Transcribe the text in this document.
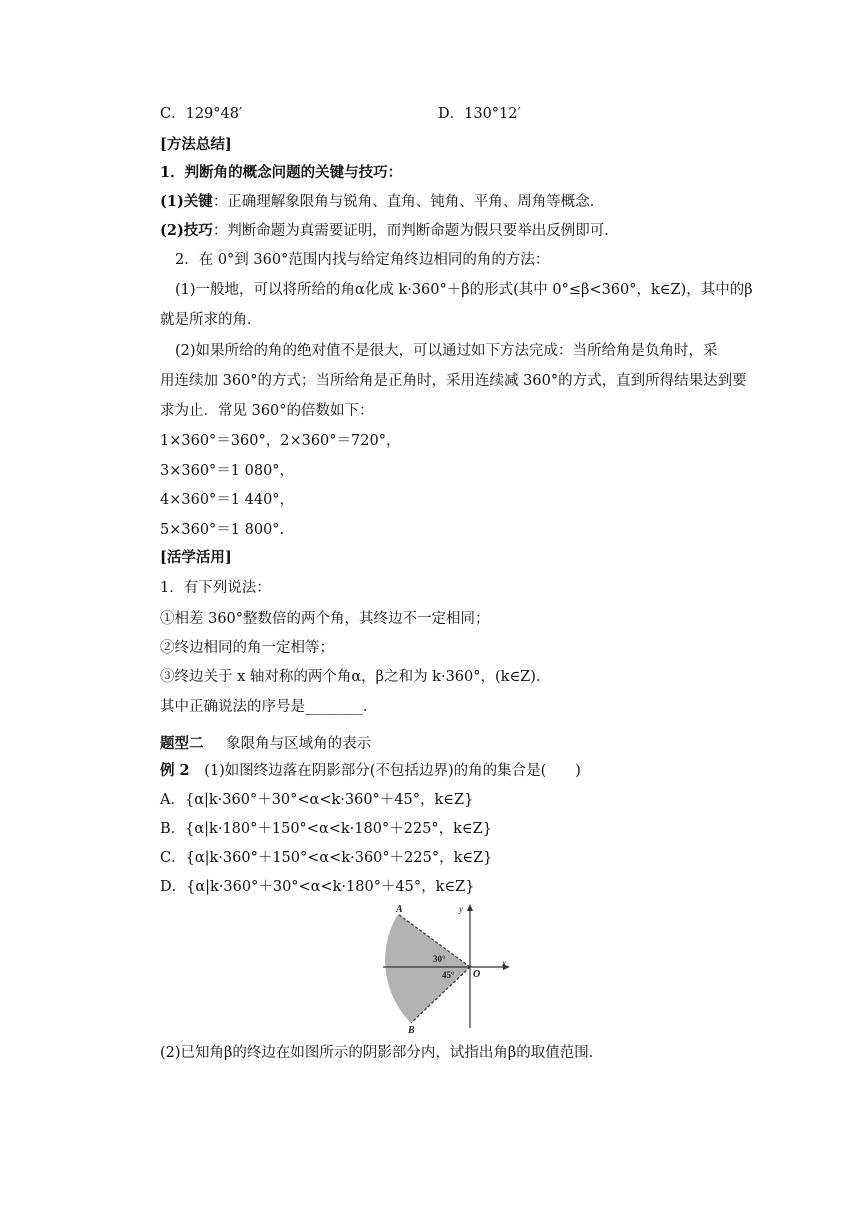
C．129°48′	D．130°12′
[方法总结]
1．判断角的概念问题的关键与技巧：
(1)关键：正确理解象限角与锐角、直角、钝角、平角、周角等概念．
(2)技巧：判断命题为真需要证明，而判断命题为假只要举出反例即可．
2．在 0°到 360°范围内找与给定角终边相同的角的方法：
(1)一般地，可以将所给的角α化成 k·360°＋β的形式(其中 0°≤β<360°，k∈Z)，其中的β
就是所求的角．
(2)如果所给的角的绝对值不是很大，可以通过如下方法完成：当所给角是负角时，采
用连续加 360°的方式；当所给角是正角时，采用连续减 360°的方式，直到所得结果达到要
求为止．常见 360°的倍数如下：
1×360°＝360°，2×360°＝720°，
3×360°＝1 080°，
4×360°＝1 440°，
5×360°＝1 800°.
[活学活用]
1．有下列说法：
①相差 360°整数倍的两个角，其终边不一定相同；
②终边相同的角一定相等；
③终边关于 x 轴对称的两个角α，β之和为 k·360°，(k∈Z)．
其中正确说法的序号是________．
题型二 象限角与区域角的表示
例 2 (1)如图终边落在阴影部分(不包括边界)的角的集合是(　　)
A．{α|k·360°＋30°<α<k·360°＋45°，k∈Z}
B．{α|k·180°＋150°<α<k·180°＋225°，k∈Z}
C．{α|k·360°＋150°<α<k·360°＋225°，k∈Z}
D．{α|k·360°＋30°<α<k·180°＋45°，k∈Z}
A
B
O
x
y
30°
45°
(2)已知角β的终边在如图所示的阴影部分内，试指出角β的取值范围．
